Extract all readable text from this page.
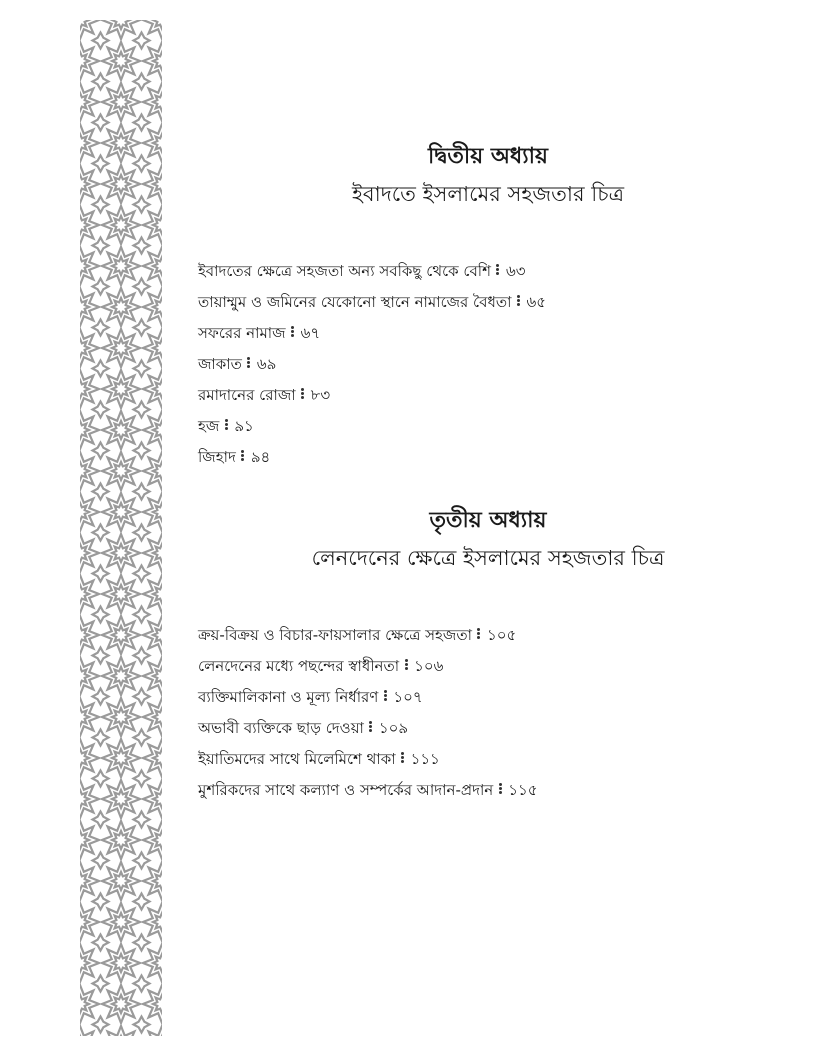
দ্বিতীয় অধ্যায়

ইবাদতে ইসলামের সহজতার চিত্র

ইবাদতের ক্ষেত্রে সহজতা অন্য সবকিছু থেকে বেশি ৬৩
তায়াম্মুম ও জমিনের যেকোনো স্থানে নামাজের বৈধতা ৬৫
সফরের নামাজ ৬৭
জাকাত ৬৯
রমাদানের রোজা ৮৩
হজ ৯১
জিহাদ ৯৪

তৃতীয় অধ্যায়

লেনদেনের ক্ষেত্রে ইসলামের সহজতার চিত্র

ক্রয়-বিক্রয় ও বিচার-ফায়সালার ক্ষেত্রে সহজতা ১০৫
লেনদেনের মধ্যে পছন্দের স্বাধীনতা ১০৬
ব্যক্তিমালিকানা ও মূল্য নির্ধারণ ১০৭
অভাবী ব্যক্তিকে ছাড় দেওয়া ১০৯
ইয়াতিমদের সাথে মিলেমিশে থাকা ১১১
মুশরিকদের সাথে কল্যাণ ও সম্পর্কের আদান-প্রদান ১১৫
